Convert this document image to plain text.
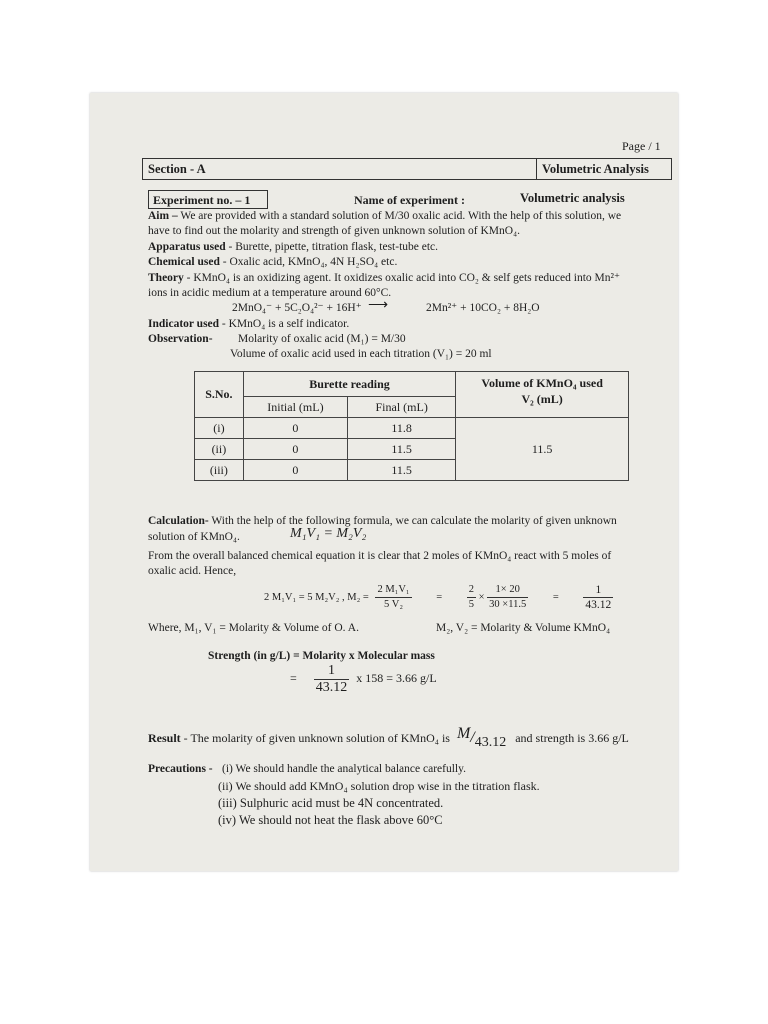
Page / 1
Section - A	Volumetric Analysis
Experiment no. – 1	Name of experiment :	Volumetric analysis
Aim – We are provided with a standard solution of M/30 oxalic acid. With the help of this solution, we
have to find out the molarity and strength of given unknown solution of KMnO₄.
Apparatus used - Burette, pipette, titration flask, test-tube etc.
Chemical used - Oxalic acid, KMnO₄, 4N H₂SO₄ etc.
Theory - KMnO₄ is an oxidizing agent. It oxidizes oxalic acid into CO₂ & self gets reduced into Mn²⁺
ions in acidic medium at a temperature around 60°C.
2MnO₄⁻ + 5C₂O₄²⁻ + 16H⁺ ⟶	2Mn²⁺ + 10CO₂ + 8H₂O
Indicator used - KMnO₄ is a self indicator.
Observation- Molarity of oxalic acid (M₁) = M/30
Volume of oxalic acid used in each titration (V₁) = 20 ml
S.No.	Burette reading		Volume of KMnO₄ used
V₂ (mL)
	Initial (mL)	Final (mL)	
(i)	0	11.8	11.5
(ii)	0	11.5	
(iii)	0	11.5	
Calculation- With the help of the following formula, we can calculate the molarity of given unknown
solution of KMnO₄.	M₁V₁ = M₂V₂
From the overall balanced chemical equation it is clear that 2 moles of KMnO₄ react with 5 moles of
oxalic acid. Hence,
2 M₁V₁ = 5 M₂V₂ , $M_2 = \frac{\text{2 M₁V₁}}{\text{5 V₂}} = \frac{2}{5} \times \frac{1\times 20}{30 \times 11.5} = \frac{1}{43.12}$
Where, M₁, V₁ = Molarity & Volume of O. A.	M₂, V₂ = Molarity & Volume KMnO₄
Strength (in g/L) = Molarity x Molecular mass
= $\frac{1}{43.12}$ x 158 = 3.66 g/L
Result - The molarity of given unknown solution of KMnO₄ is M/43.12 and strength is 3.66 g/L
Precautions - (i) We should handle the analytical balance carefully.
(ii) We should add KMnO₄ solution drop wise in the titration flask.
(iii) Sulphuric acid must be 4N concentrated.
(iv) We should not heat the flask above 60°C
